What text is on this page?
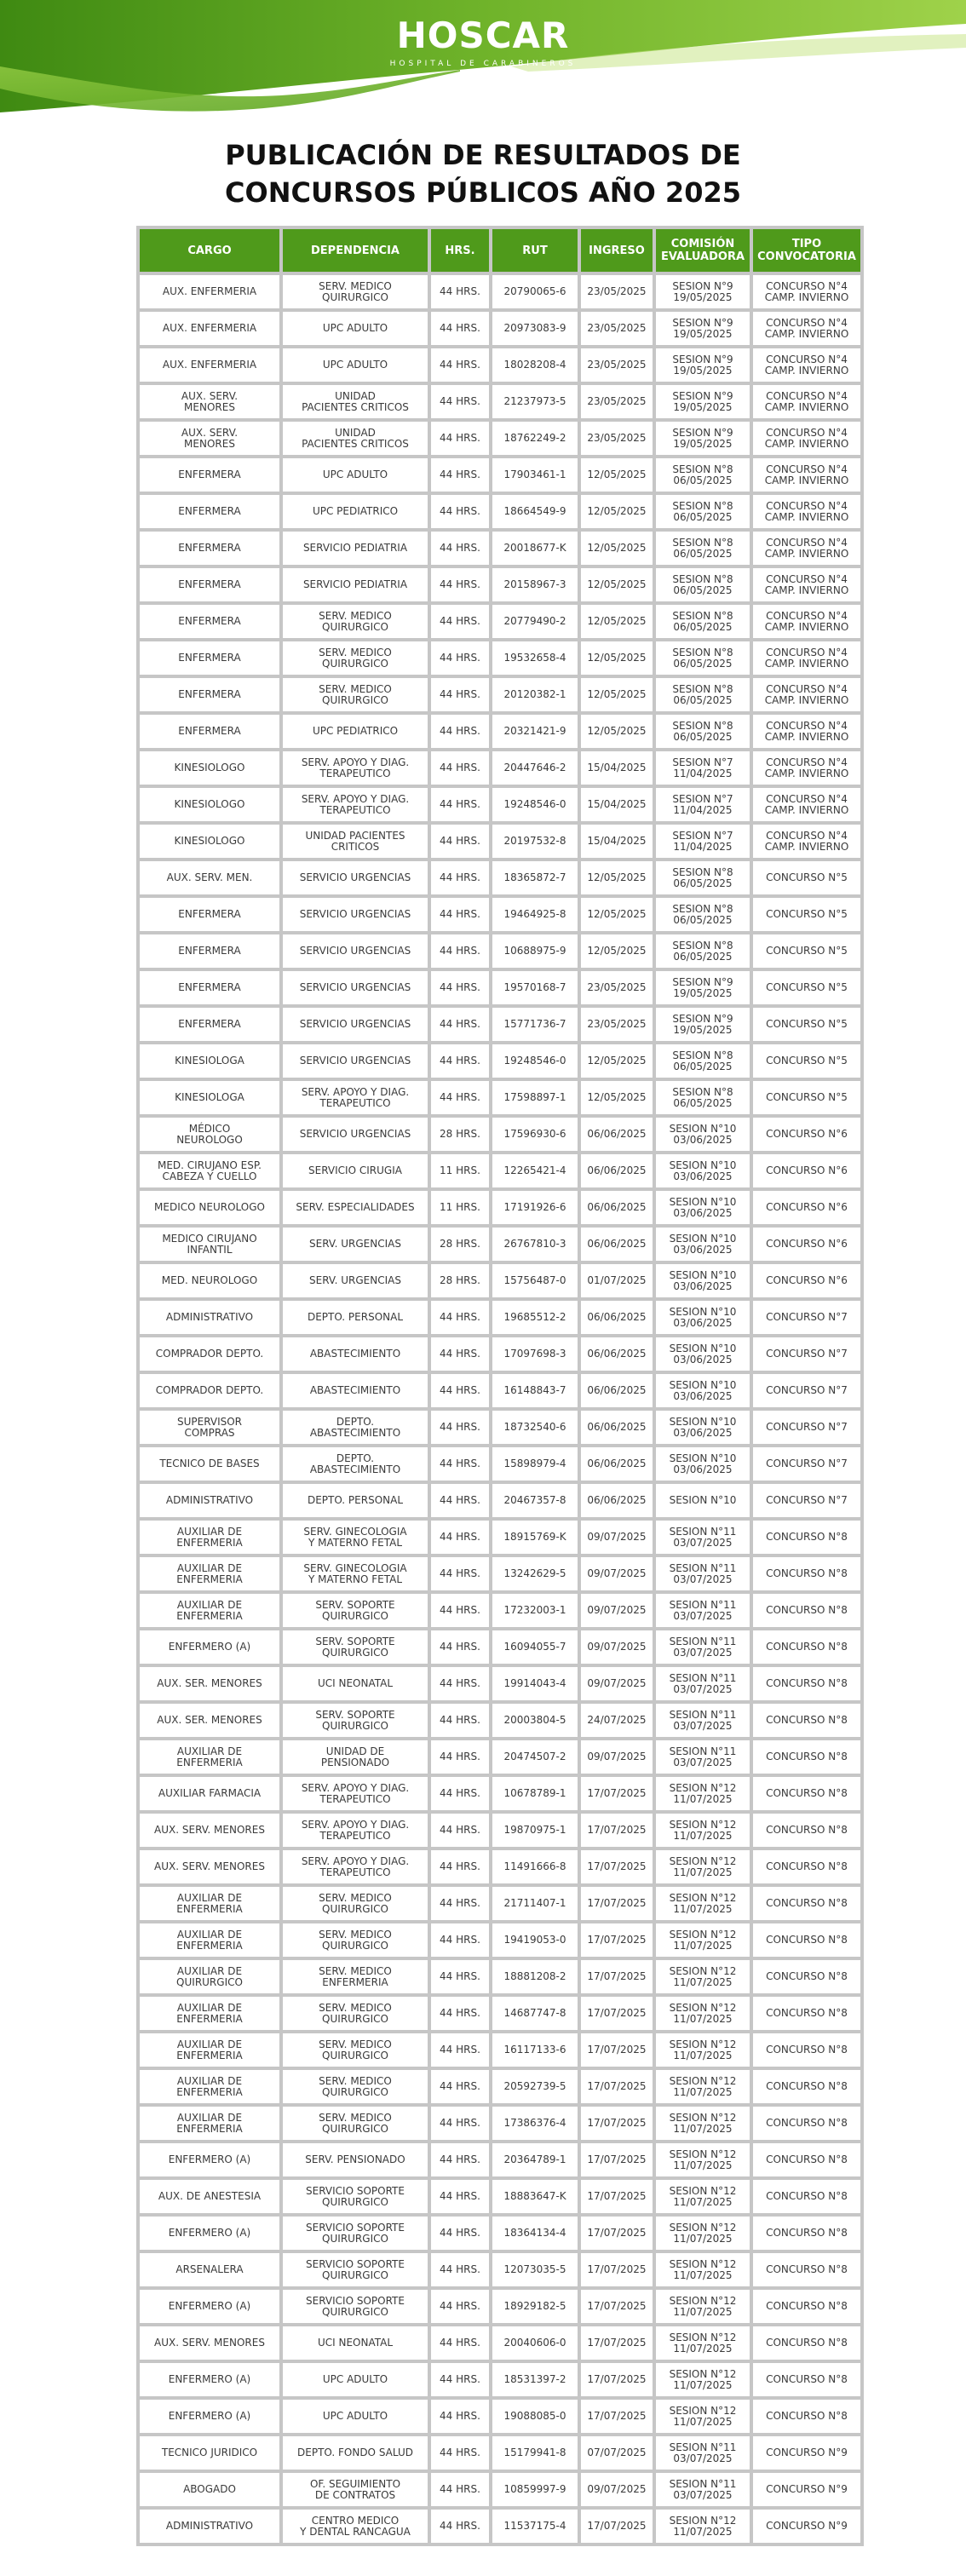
HOSCAR
HOSPITAL DE CARABINEROS
PUBLICACIÓN DE RESULTADOS DE
CONCURSOS PÚBLICOS AÑO 2025
CARGO	DEPENDENCIA	HRS.	RUT	INGRESO	COMISIÓN
EVALUADORA	TIPO
CONVOCATORIA
AUX. ENFERMERIA	SERV. MEDICO
QUIRURGICO	44 HRS.	20790065-6	23/05/2025	SESION N°9
19/05/2025	CONCURSO N°4
CAMP. INVIERNO
AUX. ENFERMERIA	UPC ADULTO	44 HRS.	20973083-9	23/05/2025	SESION N°9
19/05/2025	CONCURSO N°4
CAMP. INVIERNO
AUX. ENFERMERIA	UPC ADULTO	44 HRS.	18028208-4	23/05/2025	SESION N°9
19/05/2025	CONCURSO N°4
CAMP. INVIERNO
AUX. SERV.
MENORES	UNIDAD
PACIENTES CRITICOS	44 HRS.	21237973-5	23/05/2025	SESION N°9
19/05/2025	CONCURSO N°4
CAMP. INVIERNO
AUX. SERV.
MENORES	UNIDAD
PACIENTES CRITICOS	44 HRS.	18762249-2	23/05/2025	SESION N°9
19/05/2025	CONCURSO N°4
CAMP. INVIERNO
ENFERMERA	UPC ADULTO	44 HRS.	17903461-1	12/05/2025	SESION N°8
06/05/2025	CONCURSO N°4
CAMP. INVIERNO
ENFERMERA	UPC PEDIATRICO	44 HRS.	18664549-9	12/05/2025	SESION N°8
06/05/2025	CONCURSO N°4
CAMP. INVIERNO
ENFERMERA	SERVICIO PEDIATRIA	44 HRS.	20018677-K	12/05/2025	SESION N°8
06/05/2025	CONCURSO N°4
CAMP. INVIERNO
ENFERMERA	SERVICIO PEDIATRIA	44 HRS.	20158967-3	12/05/2025	SESION N°8
06/05/2025	CONCURSO N°4
CAMP. INVIERNO
ENFERMERA	SERV. MEDICO
QUIRURGICO	44 HRS.	20779490-2	12/05/2025	SESION N°8
06/05/2025	CONCURSO N°4
CAMP. INVIERNO
ENFERMERA	SERV. MEDICO
QUIRURGICO	44 HRS.	19532658-4	12/05/2025	SESION N°8
06/05/2025	CONCURSO N°4
CAMP. INVIERNO
ENFERMERA	SERV. MEDICO
QUIRURGICO	44 HRS.	20120382-1	12/05/2025	SESION N°8
06/05/2025	CONCURSO N°4
CAMP. INVIERNO
ENFERMERA	UPC PEDIATRICO	44 HRS.	20321421-9	12/05/2025	SESION N°8
06/05/2025	CONCURSO N°4
CAMP. INVIERNO
KINESIOLOGO	SERV. APOYO Y DIAG.
TERAPEUTICO	44 HRS.	20447646-2	15/04/2025	SESION N°7
11/04/2025	CONCURSO N°4
CAMP. INVIERNO
KINESIOLOGO	SERV. APOYO Y DIAG.
TERAPEUTICO	44 HRS.	19248546-0	15/04/2025	SESION N°7
11/04/2025	CONCURSO N°4
CAMP. INVIERNO
KINESIOLOGO	UNIDAD PACIENTES
CRITICOS	44 HRS.	20197532-8	15/04/2025	SESION N°7
11/04/2025	CONCURSO N°4
CAMP. INVIERNO
AUX. SERV. MEN.	SERVICIO URGENCIAS	44 HRS.	18365872-7	12/05/2025	SESION N°8
06/05/2025	CONCURSO N°5
ENFERMERA	SERVICIO URGENCIAS	44 HRS.	19464925-8	12/05/2025	SESION N°8
06/05/2025	CONCURSO N°5
ENFERMERA	SERVICIO URGENCIAS	44 HRS.	10688975-9	12/05/2025	SESION N°8
06/05/2025	CONCURSO N°5
ENFERMERA	SERVICIO URGENCIAS	44 HRS.	19570168-7	23/05/2025	SESION N°9
19/05/2025	CONCURSO N°5
ENFERMERA	SERVICIO URGENCIAS	44 HRS.	15771736-7	23/05/2025	SESION N°9
19/05/2025	CONCURSO N°5
KINESIOLOGA	SERVICIO URGENCIAS	44 HRS.	19248546-0	12/05/2025	SESION N°8
06/05/2025	CONCURSO N°5
KINESIOLOGA	SERV. APOYO Y DIAG.
TERAPEUTICO	44 HRS.	17598897-1	12/05/2025	SESION N°8
06/05/2025	CONCURSO N°5
MÉDICO
NEUROLOGO	SERVICIO URGENCIAS	28 HRS.	17596930-6	06/06/2025	SESION N°10
03/06/2025	CONCURSO N°6
MED. CIRUJANO ESP.
CABEZA Y CUELLO	SERVICIO CIRUGIA	11 HRS.	12265421-4	06/06/2025	SESION N°10
03/06/2025	CONCURSO N°6
MEDICO NEUROLOGO	SERV. ESPECIALIDADES	11 HRS.	17191926-6	06/06/2025	SESION N°10
03/06/2025	CONCURSO N°6
MEDICO CIRUJANO
INFANTIL	SERV. URGENCIAS	28 HRS.	26767810-3	06/06/2025	SESION N°10
03/06/2025	CONCURSO N°6
MED. NEUROLOGO	SERV. URGENCIAS	28 HRS.	15756487-0	01/07/2025	SESION N°10
03/06/2025	CONCURSO N°6
ADMINISTRATIVO	DEPTO. PERSONAL	44 HRS.	19685512-2	06/06/2025	SESION N°10
03/06/2025	CONCURSO N°7
COMPRADOR DEPTO.	ABASTECIMIENTO	44 HRS.	17097698-3	06/06/2025	SESION N°10
03/06/2025	CONCURSO N°7
COMPRADOR DEPTO.	ABASTECIMIENTO	44 HRS.	16148843-7	06/06/2025	SESION N°10
03/06/2025	CONCURSO N°7
SUPERVISOR
COMPRAS	DEPTO.
ABASTECIMIENTO	44 HRS.	18732540-6	06/06/2025	SESION N°10
03/06/2025	CONCURSO N°7
TECNICO DE BASES	DEPTO.
ABASTECIMIENTO	44 HRS.	15898979-4	06/06/2025	SESION N°10
03/06/2025	CONCURSO N°7
ADMINISTRATIVO	DEPTO. PERSONAL	44 HRS.	20467357-8	06/06/2025	SESION N°10	CONCURSO N°7
AUXILIAR DE
ENFERMERIA	SERV. GINECOLOGIA
Y MATERNO FETAL	44 HRS.	18915769-K	09/07/2025	SESION N°11
03/07/2025	CONCURSO N°8
AUXILIAR DE
ENFERMERIA	SERV. GINECOLOGIA
Y MATERNO FETAL	44 HRS.	13242629-5	09/07/2025	SESION N°11
03/07/2025	CONCURSO N°8
AUXILIAR DE
ENFERMERIA	SERV. SOPORTE
QUIRURGICO	44 HRS.	17232003-1	09/07/2025	SESION N°11
03/07/2025	CONCURSO N°8
ENFERMERO (A)	SERV. SOPORTE
QUIRURGICO	44 HRS.	16094055-7	09/07/2025	SESION N°11
03/07/2025	CONCURSO N°8
AUX. SER. MENORES	UCI NEONATAL	44 HRS.	19914043-4	09/07/2025	SESION N°11
03/07/2025	CONCURSO N°8
AUX. SER. MENORES	SERV. SOPORTE
QUIRURGICO	44 HRS.	20003804-5	24/07/2025	SESION N°11
03/07/2025	CONCURSO N°8
AUXILIAR DE
ENFERMERIA	UNIDAD DE
PENSIONADO	44 HRS.	20474507-2	09/07/2025	SESION N°11
03/07/2025	CONCURSO N°8
AUXILIAR FARMACIA	SERV. APOYO Y DIAG.
TERAPEUTICO	44 HRS.	10678789-1	17/07/2025	SESION N°12
11/07/2025	CONCURSO N°8
AUX. SERV. MENORES	SERV. APOYO Y DIAG.
TERAPEUTICO	44 HRS.	19870975-1	17/07/2025	SESION N°12
11/07/2025	CONCURSO N°8
AUX. SERV. MENORES	SERV. APOYO Y DIAG.
TERAPEUTICO	44 HRS.	11491666-8	17/07/2025	SESION N°12
11/07/2025	CONCURSO N°8
AUXILIAR DE
ENFERMERIA	SERV. MEDICO
QUIRURGICO	44 HRS.	21711407-1	17/07/2025	SESION N°12
11/07/2025	CONCURSO N°8
AUXILIAR DE
ENFERMERIA	SERV. MEDICO
QUIRURGICO	44 HRS.	19419053-0	17/07/2025	SESION N°12
11/07/2025	CONCURSO N°8
AUXILIAR DE
QUIRURGICO	SERV. MEDICO
ENFERMERIA	44 HRS.	18881208-2	17/07/2025	SESION N°12
11/07/2025	CONCURSO N°8
AUXILIAR DE
ENFERMERIA	SERV. MEDICO
QUIRURGICO	44 HRS.	14687747-8	17/07/2025	SESION N°12
11/07/2025	CONCURSO N°8
AUXILIAR DE
ENFERMERIA	SERV. MEDICO
QUIRURGICO	44 HRS.	16117133-6	17/07/2025	SESION N°12
11/07/2025	CONCURSO N°8
AUXILIAR DE
ENFERMERIA	SERV. MEDICO
QUIRURGICO	44 HRS.	20592739-5	17/07/2025	SESION N°12
11/07/2025	CONCURSO N°8
AUXILIAR DE
ENFERMERIA	SERV. MEDICO
QUIRURGICO	44 HRS.	17386376-4	17/07/2025	SESION N°12
11/07/2025	CONCURSO N°8
ENFERMERO (A)	SERV. PENSIONADO	44 HRS.	20364789-1	17/07/2025	SESION N°12
11/07/2025	CONCURSO N°8
AUX. DE ANESTESIA	SERVICIO SOPORTE
QUIRURGICO	44 HRS.	18883647-K	17/07/2025	SESION N°12
11/07/2025	CONCURSO N°8
ENFERMERO (A)	SERVICIO SOPORTE
QUIRURGICO	44 HRS.	18364134-4	17/07/2025	SESION N°12
11/07/2025	CONCURSO N°8
ARSENALERA	SERVICIO SOPORTE
QUIRURGICO	44 HRS.	12073035-5	17/07/2025	SESION N°12
11/07/2025	CONCURSO N°8
ENFERMERO (A)	SERVICIO SOPORTE
QUIRURGICO	44 HRS.	18929182-5	17/07/2025	SESION N°12
11/07/2025	CONCURSO N°8
AUX. SERV. MENORES	UCI NEONATAL	44 HRS.	20040606-0	17/07/2025	SESION N°12
11/07/2025	CONCURSO N°8
ENFERMERO (A)	UPC ADULTO	44 HRS.	18531397-2	17/07/2025	SESION N°12
11/07/2025	CONCURSO N°8
ENFERMERO (A)	UPC ADULTO	44 HRS.	19088085-0	17/07/2025	SESION N°12
11/07/2025	CONCURSO N°8
TECNICO JURIDICO	DEPTO. FONDO SALUD	44 HRS.	15179941-8	07/07/2025	SESION N°11
03/07/2025	CONCURSO N°9
ABOGADO	OF. SEGUIMIENTO
DE CONTRATOS	44 HRS.	10859997-9	09/07/2025	SESION N°11
03/07/2025	CONCURSO N°9
ADMINISTRATIVO	CENTRO MEDICO
Y DENTAL RANCAGUA	44 HRS.	11537175-4	17/07/2025	SESION N°12
11/07/2025	CONCURSO N°9
